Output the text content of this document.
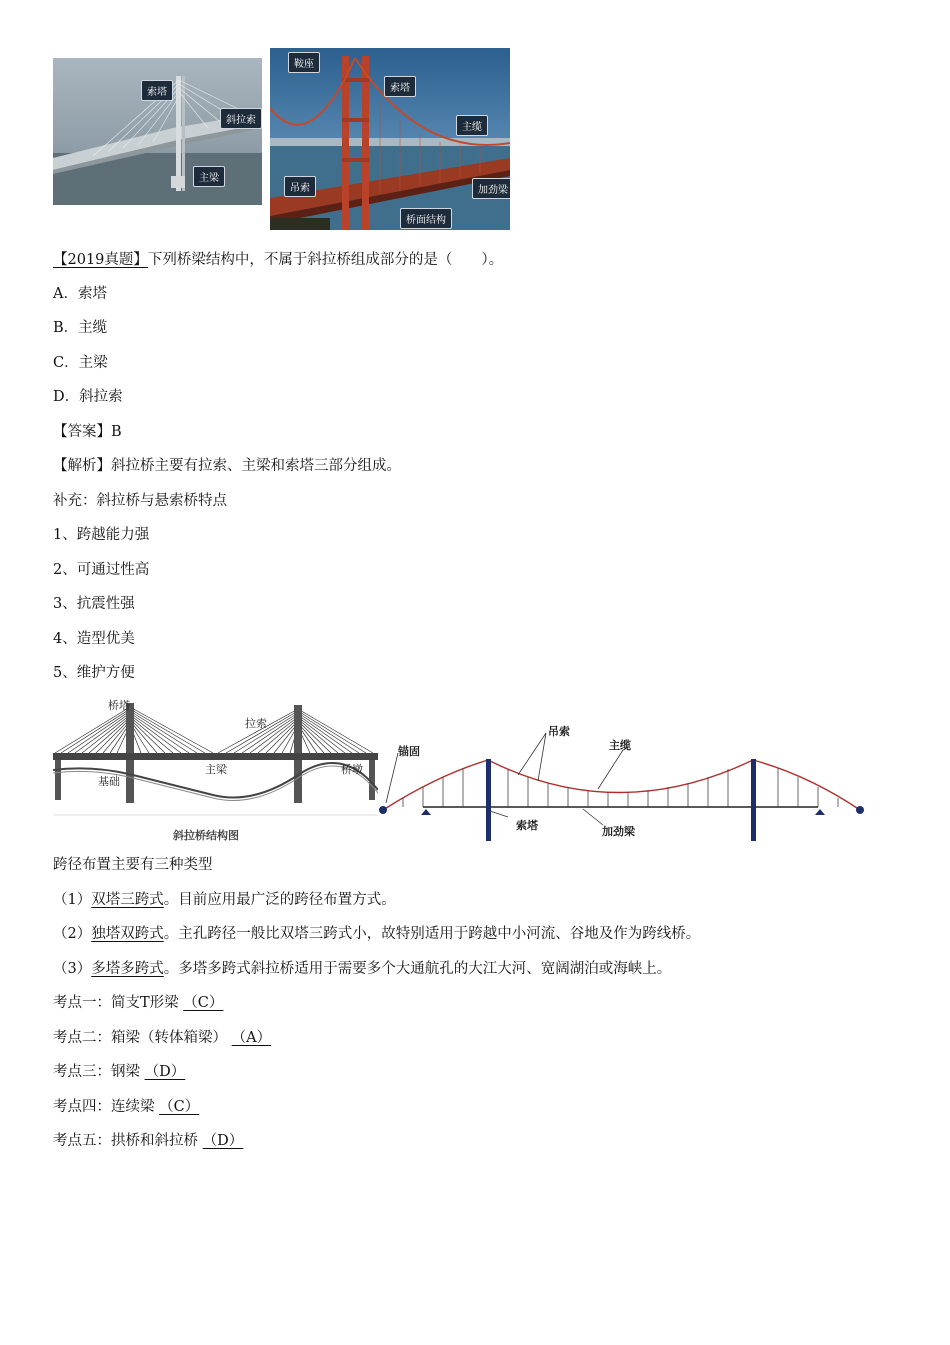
索塔
斜拉索
主梁
鞍座
索塔
主缆
吊索	加劲梁
桥面结构
【2019真题】下列桥梁结构中，不属于斜拉桥组成部分的是（　　）。
A．索塔
B．主缆
C．主梁
D．斜拉索
【答案】B
【解析】斜拉桥主要有拉索、主梁和索塔三部分组成。
补充：斜拉桥与悬索桥特点
1、跨越能力强
2、可通过性高
3、抗震性强
4、造型优美
5、维护方便
桥塔
拉索
主梁
基础
桥墩
斜拉桥结构图
锚固
吊索
主缆
索塔	加劲梁
跨径布置主要有三种类型
（1）双塔三跨式。目前应用最广泛的跨径布置方式。
（2）独塔双跨式。主孔跨径一般比双塔三跨式小，故特别适用于跨越中小河流、谷地及作为跨线桥。
（3）多塔多跨式。多塔多跨式斜拉桥适用于需要多个大通航孔的大江大河、宽阔湖泊或海峡上。
考点一：简支T形梁 （C）
考点二：箱梁（转体箱梁） （A）
考点三：钢梁 （D）
考点四：连续梁 （C）
考点五：拱桥和斜拉桥 （D）
